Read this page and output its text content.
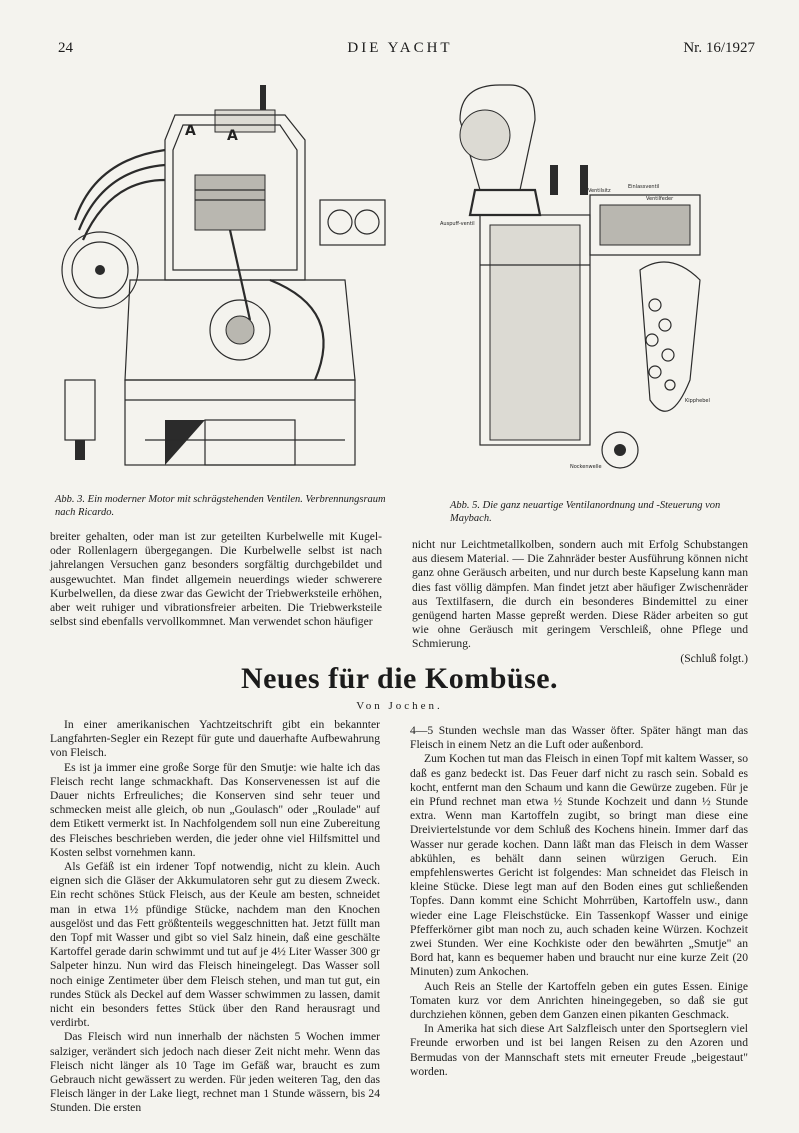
24	DIE YACHT	Nr. 16/1927
A A
Ventilsitz
Einlassventil
Ventilfeder
Auspuff-ventil
Kipphebel
Nockenwelle
Abb. 3. Ein moderner Motor mit schrägstehenden Ventilen. Verbrennungsraum nach Ricardo.
Abb. 5. Die ganz neuartige Ventilanordnung und -Steuerung von Maybach.

breiter gehalten, oder man ist zur geteilten Kurbelwelle mit Kugel- oder Rollenlagern übergegangen. Die Kurbelwelle selbst ist nach jahrelangen Versuchen ganz besonders sorgfältig durchgebildet und ausgewuchtet. Man findet allgemein neuerdings wieder schwerere Kurbelwellen, da diese zwar das Gewicht der Triebwerksteile erhöhen, aber weit ruhiger und vibrationsfreier arbeiten. Die Triebwerksteile selbst sind ebenfalls vervollkommnet. Man verwendet schon häufiger

nicht nur Leichtmetallkolben, sondern auch mit Erfolg Schubstangen aus diesem Material. — Die Zahnräder bester Ausführung können nicht ganz ohne Geräusch arbeiten, und nur durch beste Kapselung kann man dies fast völlig dämpfen. Man findet jetzt aber häufiger Zwischenräder aus Textilfasern, die durch ein besonderes Bindemittel zu einer genügend harten Masse gepreßt werden. Diese Räder arbeiten so gut wie ohne Geräusch mit geringem Verschleiß, ohne Pflege und Schmierung.

(Schluß folgt.)
Neues für die Kombüse.
Von Jochen.

In einer amerikanischen Yachtzeitschrift gibt ein bekannter Langfahrten-Segler ein Rezept für gute und dauerhafte Aufbewahrung von Fleisch.

Es ist ja immer eine große Sorge für den Smutje: wie halte ich das Fleisch recht lange schmackhaft. Das Konservenessen ist auf die Dauer nichts Erfreuliches; die Konserven sind sehr teuer und schmecken meist alle gleich, ob nun „Goulasch" oder „Roulade" auf dem Etikett vermerkt ist. In Nachfolgendem soll nun eine Zubereitung des Fleisches beschrieben werden, die jeder ohne viel Hilfsmittel und Kosten selbst vornehmen kann.

Als Gefäß ist ein irdener Topf notwendig, nicht zu klein. Auch eignen sich die Gläser der Akkumulatoren sehr gut zu diesem Zweck. Ein recht schönes Stück Fleisch, aus der Keule am besten, schneidet man in etwa 1½ pfündige Stücke, nachdem man den Knochen ausgelöst und das Fett größtenteils weggeschnitten hat. Jetzt füllt man den Topf mit Wasser und gibt so viel Salz hinein, daß eine geschälte Kartoffel gerade darin schwimmt und tut auf je 4½ Liter Wasser 300 gr Salpeter hinzu. Nun wird das Fleisch hineingelegt. Das Wasser soll noch einige Zentimeter über dem Fleisch stehen, und man tut gut, ein rundes Stück als Deckel auf dem Wasser schwimmen zu lassen, damit nicht ein besonders fettes Stück über den Rand herausragt und verdirbt.

Das Fleisch wird nun innerhalb der nächsten 5 Wochen immer salziger, verändert sich jedoch nach dieser Zeit nicht mehr. Wenn das Fleisch nicht länger als 10 Tage im Gefäß war, braucht es zum Gebrauch nicht gewässert zu werden. Für jeden weiteren Tag, den das Fleisch länger in der Lake liegt, rechnet man 1 Stunde wässern, bis 24 Stunden. Die ersten

4—5 Stunden wechsle man das Wasser öfter. Später hängt man das Fleisch in einem Netz an die Luft oder außenbord.

Zum Kochen tut man das Fleisch in einen Topf mit kaltem Wasser, so daß es ganz bedeckt ist. Das Feuer darf nicht zu rasch sein. Sobald es kocht, entfernt man den Schaum und kann die Gewürze zugeben. Für je ein Pfund rechnet man etwa ½ Stunde Kochzeit und dann ½ Stunde extra. Wenn man Kartoffeln zugibt, so bringt man diese eine Dreiviertelstunde vor dem Schluß des Kochens hinein. Immer darf das Wasser nur gerade kochen. Dann läßt man das Fleisch in dem Wasser abkühlen, es behält dann seinen würzigen Geruch. Ein empfehlenswertes Gericht ist folgendes: Man schneidet das Fleisch in kleine Stücke. Diese legt man auf den Boden eines gut schließenden Topfes. Dann kommt eine Schicht Mohrrüben, Kartoffeln usw., dann wieder eine Lage Fleischstücke. Ein Tassenkopf Wasser und einige Pfefferkörner gibt man noch zu, auch schaden keine Würzen. Kochzeit zwei Stunden. Wer eine Kochkiste oder den bewährten „Smutje" an Bord hat, kann es bequemer haben und braucht nur eine kurze Zeit (20 Minuten) zum Ankochen.

Auch Reis an Stelle der Kartoffeln geben ein gutes Essen. Einige Tomaten kurz vor dem Anrichten hineingegeben, so daß sie gut durchziehen können, geben dem Ganzen einen pikanten Geschmack.

In Amerika hat sich diese Art Salzfleisch unter den Sportseglern viel Freunde erworben und ist bei langen Reisen zu den Azoren und Bermudas von der Mannschaft stets mit erneuter Freude „beigestaut" worden.
